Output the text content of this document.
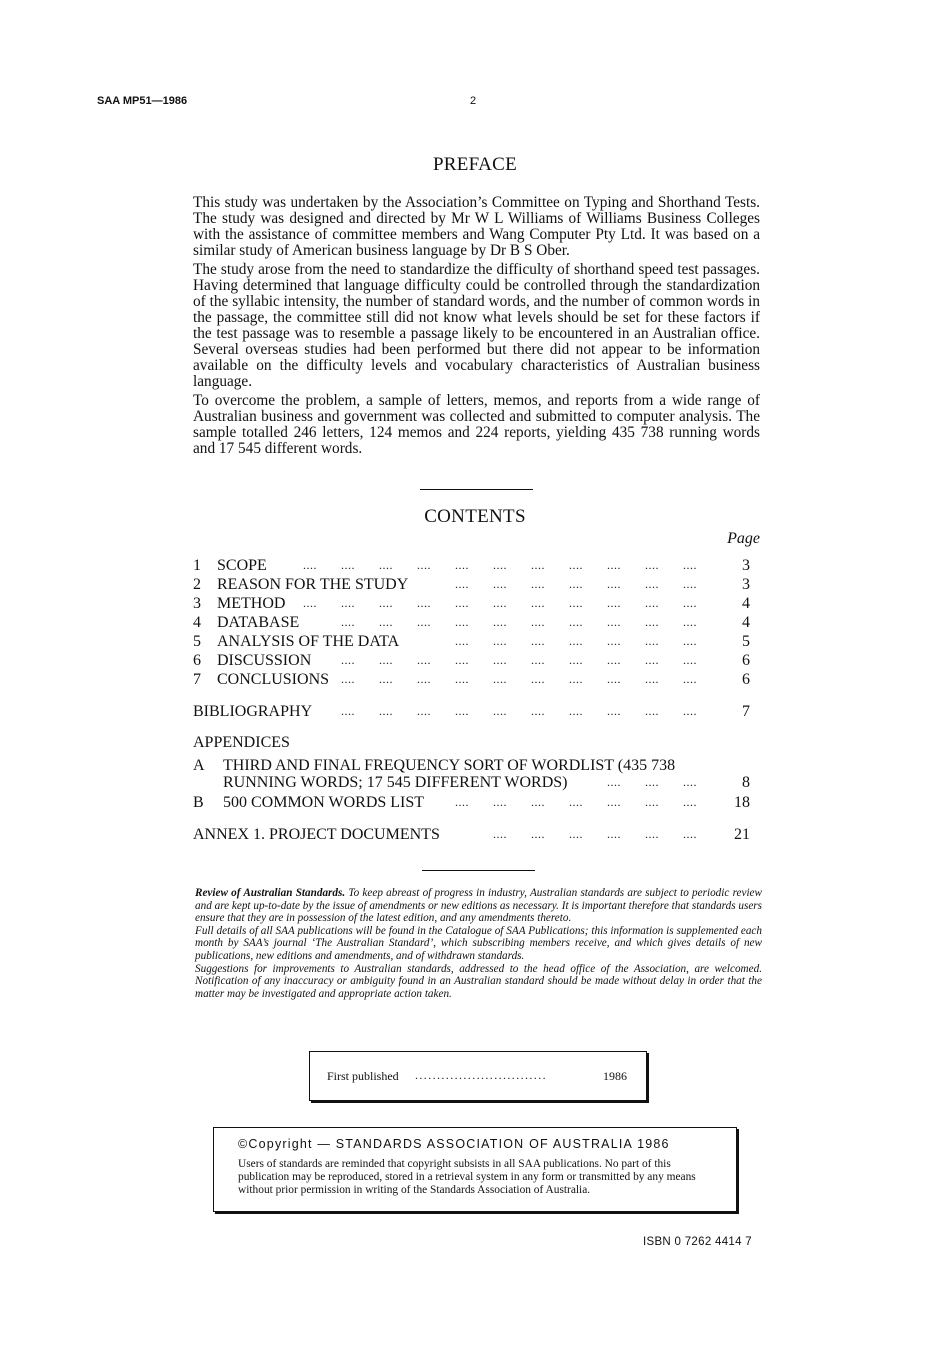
SAA MP51—1986	2
PREFACE

This study was undertaken by the Association’s Committee on Typing and Shorthand Tests. The study was designed and directed by Mr W L Williams of Williams Business Colleges with the assistance of committee members and Wang Computer Pty Ltd. It was based on a similar study of American business language by Dr B S Ober.

The study arose from the need to standardize the difficulty of shorthand speed test passages. Having determined that language difficulty could be controlled through the standardization of the syllabic intensity, the number of standard words, and the number of common words in the passage, the committee still did not know what levels should be set for these factors if the test passage was to resemble a passage likely to be encountered in an Australian office. Several overseas studies had been performed but there did not appear to be information available on the difficulty levels and vocabulary characteristics of Australian business language.

To overcome the problem, a sample of letters, memos, and reports from a wide range of Australian business and government was collected and submitted to computer analysis. The sample totalled 246 letters, 124 memos and 224 reports, yielding 435 738 running words and 17 545 different words.

CONTENTS
Page
1 SCOPE	3
.... .... .... .... .... .... .... .... .... .... ....
2 REASON FOR THE STUDY	3
.... .... .... .... .... .... ....
3 METHOD	4
.... .... .... .... .... .... .... .... .... .... ....
4 DATABASE	4
.... .... .... .... .... .... .... .... .... ....
5 ANALYSIS OF THE DATA	5
.... .... .... .... .... .... ....
6 DISCUSSION	6
.... .... .... .... .... .... .... .... .... ....
7 CONCLUSIONS	6
.... .... .... .... .... .... .... .... .... ....
BIBLIOGRAPHY	7
.... .... .... .... .... .... .... .... .... ....
APPENDICES
A THIRD AND FINAL FREQUENCY SORT OF WORDLIST (435 738
RUNNING WORDS; 17 545 DIFFERENT WORDS)	8
.... .... ....
B 500 COMMON WORDS LIST	18
.... .... .... .... .... .... ....
ANNEX 1. PROJECT DOCUMENTS	21
.... .... .... .... .... ....

Review of Australian Standards. To keep abreast of progress in industry, Australian standards are subject to periodic review and are kept up-to-date by the issue of amendments or new editions as necessary. It is important therefore that standards users ensure that they are in possession of the latest edition, and any amendments thereto.

Full details of all SAA publications will be found in the Catalogue of SAA Publications; this information is supplemented each month by SAA’s journal ‘The Australian Standard’, which subscribing members receive, and which gives details of new publications, new editions and amendments, and of withdrawn standards.

Suggestions for improvements to Australian standards, addressed to the head office of the Association, are welcomed. Notification of any inaccuracy or ambiguity found in an Australian standard should be made without delay in order that the matter may be investigated and appropriate action taken.

First published ..............................	1986
©Copyright — STANDARDS ASSOCIATION OF AUSTRALIA 1986
Users of standards are reminded that copyright subsists in all SAA publications. No part of this publication may be reproduced, stored in a retrieval system in any form or transmitted by any means without prior permission in writing of the Standards Association of Australia.
ISBN 0 7262 4414 7
